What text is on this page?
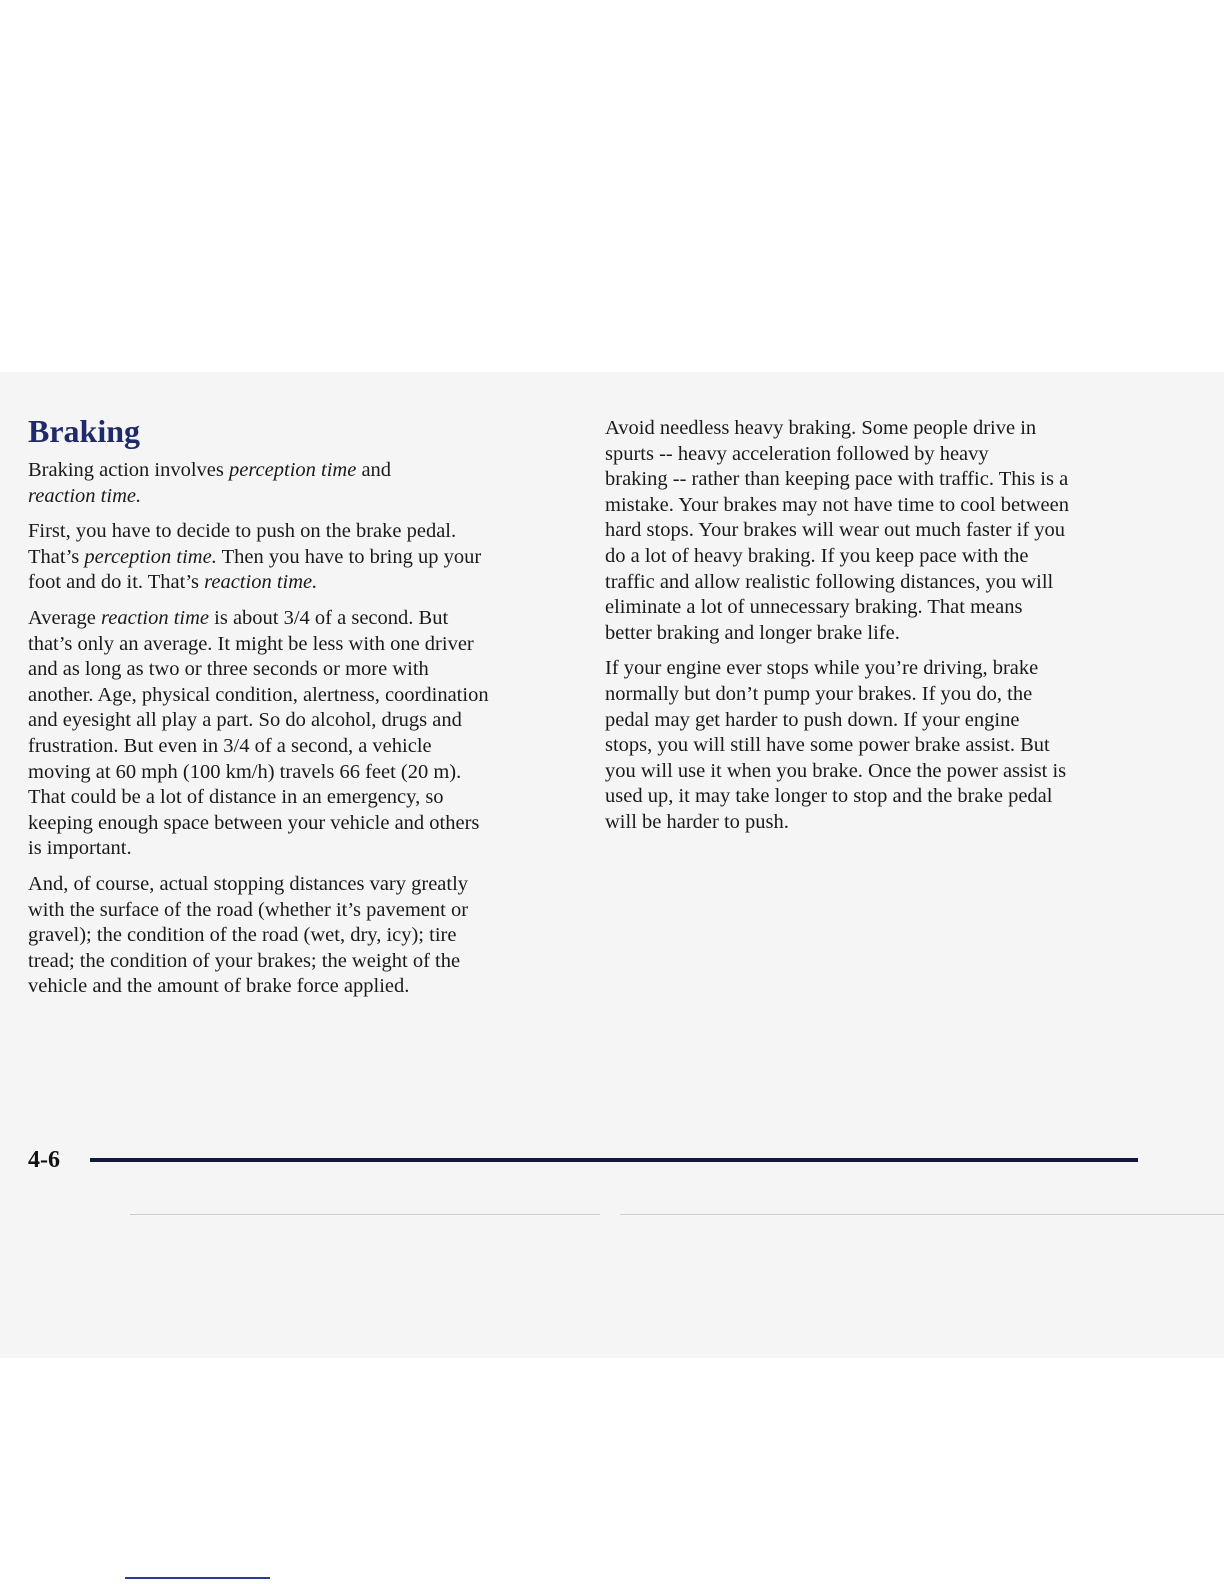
Braking

Braking action involves perception time and
reaction time.

First, you have to decide to push on the brake pedal.
That’s perception time. Then you have to bring up your
foot and do it. That’s reaction time.

Average reaction time is about 3/4 of a second. But
that’s only an average. It might be less with one driver
and as long as two or three seconds or more with
another. Age, physical condition, alertness, coordination
and eyesight all play a part. So do alcohol, drugs and
frustration. But even in 3/4 of a second, a vehicle
moving at 60 mph (100 km/h) travels 66 feet (20 m).
That could be a lot of distance in an emergency, so
keeping enough space between your vehicle and others
is important.

And, of course, actual stopping distances vary greatly
with the surface of the road (whether it’s pavement or
gravel); the condition of the road (wet, dry, icy); tire
tread; the condition of your brakes; the weight of the
vehicle and the amount of brake force applied.

Avoid needless heavy braking. Some people drive in
spurts -- heavy acceleration followed by heavy
braking -- rather than keeping pace with traffic. This is a
mistake. Your brakes may not have time to cool between
hard stops. Your brakes will wear out much faster if you
do a lot of heavy braking. If you keep pace with the
traffic and allow realistic following distances, you will
eliminate a lot of unnecessary braking. That means
better braking and longer brake life.

If your engine ever stops while you’re driving, brake
normally but don’t pump your brakes. If you do, the
pedal may get harder to push down. If your engine
stops, you will still have some power brake assist. But
you will use it when you brake. Once the power assist is
used up, it may take longer to stop and the brake pedal
will be harder to push.

4-6
